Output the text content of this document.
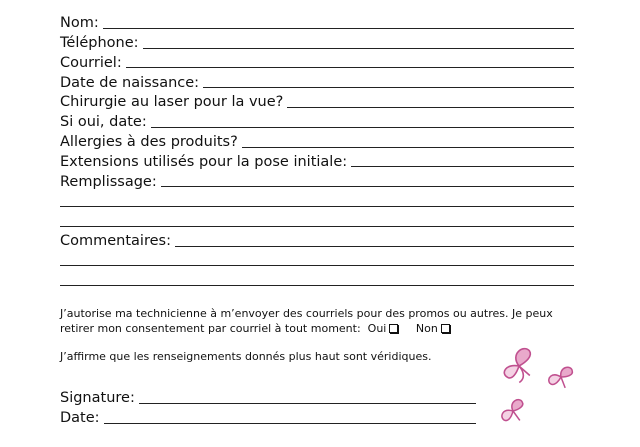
Nom:
Téléphone:
Courriel:
Date de naissance:
Chirurgie au laser pour la vue?
Si oui, date:
Allergies à des produits?
Extensions utilisés pour la pose initiale:
Remplissage:
Commentaires:
J’autorise ma technicienne à m’envoyer des courriels pour des promos ou autres. Je peux retirer mon consentement par courriel à tout moment: Oui	Non
J’affirme que les renseignements donnés plus haut sont véridiques.
Signature:
Date:
